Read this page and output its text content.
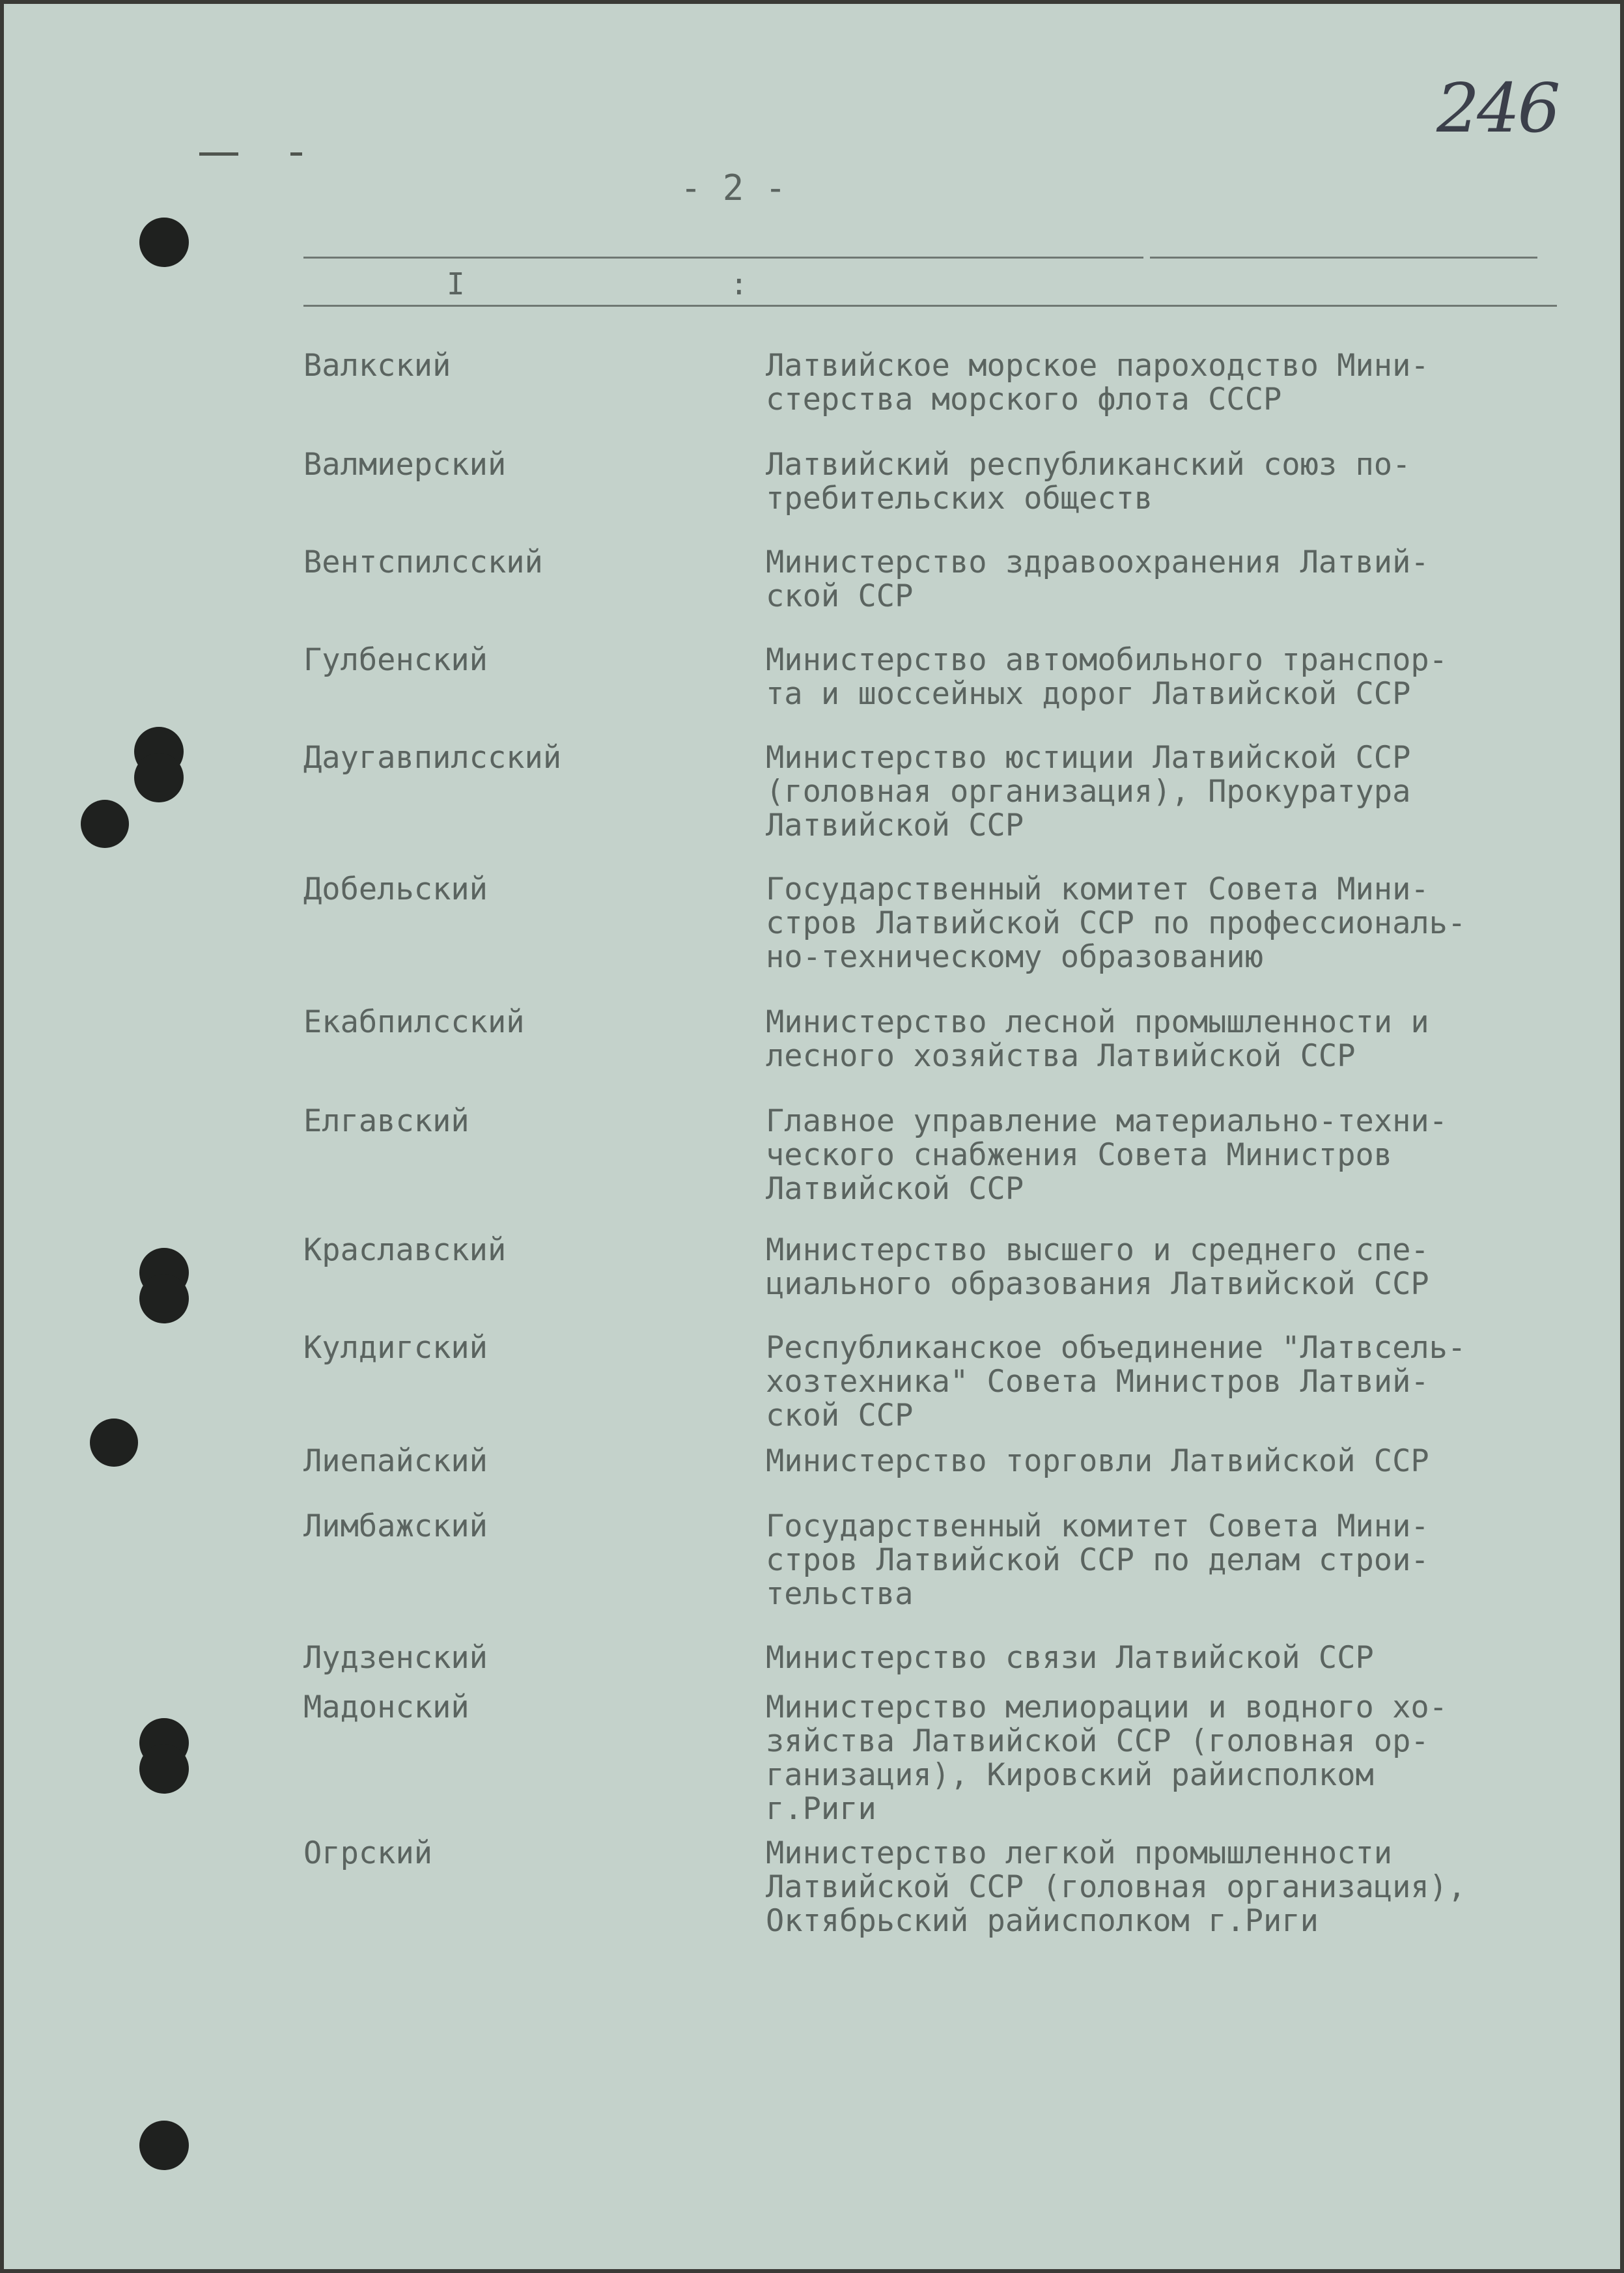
246
- 2 -
I	:
Валкский	Латвийское морское пароходство Мини-
стерства морского флота СССР
Валмиерский	Латвийский республиканский союз по-
требительских обществ
Вентспилсский	Министерство здравоохранения Латвий-
ской ССР
Гулбенский	Министерство автомобильного транспор-
та и шоссейных дорог Латвийской ССР
Даугавпилсский	Министерство юстиции Латвийской ССР
(головная организация), Прокуратура
Латвийской ССР
Добельский	Государственный комитет Совета Мини-
стров Латвийской ССР по профессиональ-
но-техническому образованию
Екабпилсский	Министерство лесной промышленности и
лесного хозяйства Латвийской ССР
Елгавский	Главное управление материально-техни-
ческого снабжения Совета Министров
Латвийской ССР
Краславский	Министерство высшего и среднего спе-
циального образования Латвийской ССР
Кулдигский	Республиканское объединение "Латвсель-
хозтехника" Совета Министров Латвий-
ской ССР
Лиепайский	Министерство торговли Латвийской ССР
Лимбажский	Государственный комитет Совета Мини-
стров Латвийской ССР по делам строи-
тельства
Лудзенский	Министерство связи Латвийской ССР
Мадонский	Министерство мелиорации и водного хо-
зяйства Латвийской ССР (головная ор-
ганизация), Кировский райисполком
г.Риги
Огрский	Министерство легкой промышленности
Латвийской ССР (головная организация),
Октябрьский райисполком г.Риги
